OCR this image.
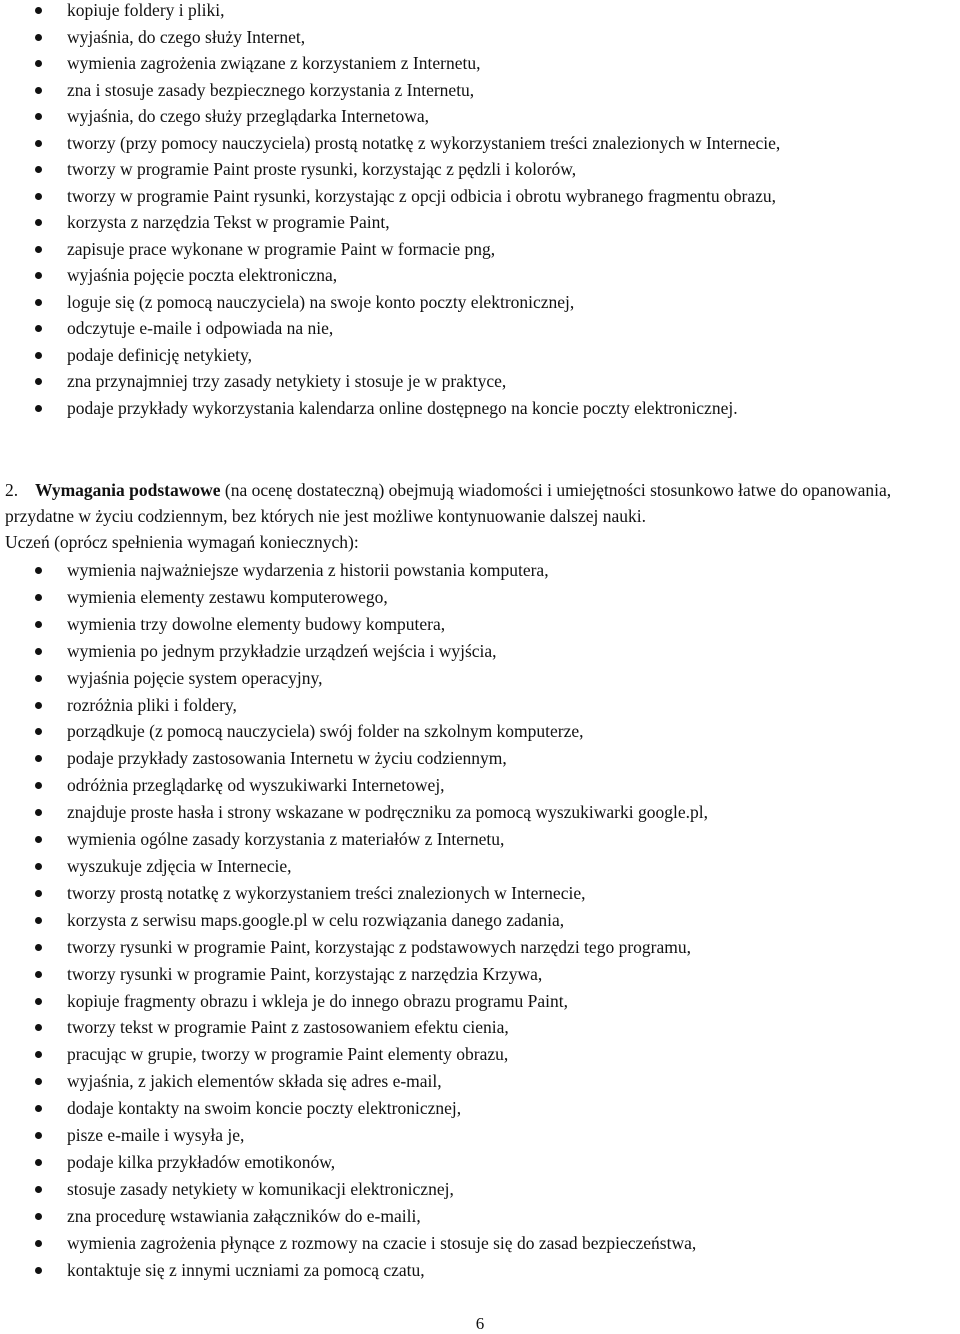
kopiuje foldery i pliki,
wyjaśnia, do czego służy Internet,
wymienia zagrożenia związane z korzystaniem z Internetu,
zna i stosuje zasady bezpiecznego korzystania z Internetu,
wyjaśnia, do czego służy przeglądarka Internetowa,
tworzy (przy pomocy nauczyciela) prostą notatkę z wykorzystaniem treści znalezionych w Internecie,
tworzy w programie Paint proste rysunki, korzystając z pędzli i kolorów,
tworzy w programie Paint rysunki, korzystając z opcji odbicia i obrotu wybranego fragmentu obrazu,
korzysta z narzędzia Tekst w programie Paint,
zapisuje prace wykonane w programie Paint w formacie png,
wyjaśnia pojęcie poczta elektroniczna,
loguje się (z pomocą nauczyciela) na swoje konto poczty elektronicznej,
odczytuje e-maile i odpowiada na nie,
podaje definicję netykiety,
zna przynajmniej trzy zasady netykiety i stosuje je w praktyce,
podaje przykłady wykorzystania kalendarza online dostępnego na koncie poczty elektronicznej.

2. Wymagania podstawowe (na ocenę dostateczną) obejmują wiadomości i umiejętności stosunkowo łatwe do opanowania, przydatne w życiu codziennym, bez których nie jest możliwe kontynuowanie dalszej nauki.

Uczeń (oprócz spełnienia wymagań koniecznych):

wymienia najważniejsze wydarzenia z historii powstania komputera,
wymienia elementy zestawu komputerowego,
wymienia trzy dowolne elementy budowy komputera,
wymienia po jednym przykładzie urządzeń wejścia i wyjścia,
wyjaśnia pojęcie system operacyjny,
rozróżnia pliki i foldery,
porządkuje (z pomocą nauczyciela) swój folder na szkolnym komputerze,
podaje przykłady zastosowania Internetu w życiu codziennym,
odróżnia przeglądarkę od wyszukiwarki Internetowej,
znajduje proste hasła i strony wskazane w podręczniku za pomocą wyszukiwarki google.pl,
wymienia ogólne zasady korzystania z materiałów z Internetu,
wyszukuje zdjęcia w Internecie,
tworzy prostą notatkę z wykorzystaniem treści znalezionych w Internecie,
korzysta z serwisu maps.google.pl w celu rozwiązania danego zadania,
tworzy rysunki w programie Paint, korzystając z podstawowych narzędzi tego programu,
tworzy rysunki w programie Paint, korzystając z narzędzia Krzywa,
kopiuje fragmenty obrazu i wkleja je do innego obrazu programu Paint,
tworzy tekst w programie Paint z zastosowaniem efektu cienia,
pracując w grupie, tworzy w programie Paint elementy obrazu,
wyjaśnia, z jakich elementów składa się adres e-mail,
dodaje kontakty na swoim koncie poczty elektronicznej,
pisze e-maile i wysyła je,
podaje kilka przykładów emotikonów,
stosuje zasady netykiety w komunikacji elektronicznej,
zna procedurę wstawiania załączników do e-maili,
wymienia zagrożenia płynące z rozmowy na czacie i stosuje się do zasad bezpieczeństwa,
kontaktuje się z innymi uczniami za pomocą czatu,
6
